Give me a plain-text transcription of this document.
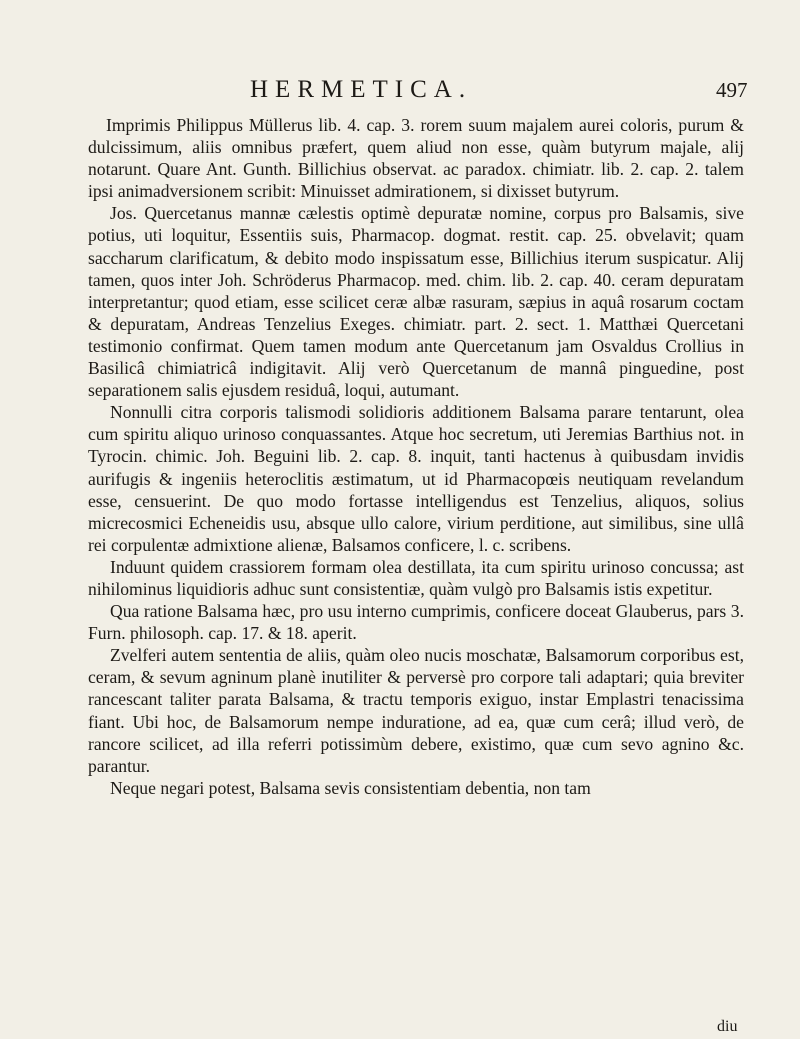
HERMETICA.	497

Imprimis Philippus Müllerus lib. 4. cap. 3. rorem suum majalem aurei coloris, purum & dulcissimum, aliis omnibus præfert, quem aliud non esse, quàm butyrum majale, alij notarunt. Quare Ant. Gunth. Billichius observat. ac paradox. chimiatr. lib. 2. cap. 2. talem ipsi animadversionem scribit: Minuisset admirationem, si dixisset butyrum.

Jos. Quercetanus mannæ cælestis optimè depuratæ nomine, corpus pro Balsamis, sive potius, uti loquitur, Essentiis suis, Pharmacop. dogmat. restit. cap. 25. obvelavit; quam saccharum clarificatum, & debito modo inspissatum esse, Billichius iterum suspicatur. Alij tamen, quos inter Joh. Schröderus Pharmacop. med. chim. lib. 2. cap. 40. ceram depuratam interpretantur; quod etiam, esse scilicet ceræ albæ rasuram, sæpius in aquâ rosarum coctam & depuratam, Andreas Tenzelius Exeges. chimiatr. part. 2. sect. 1. Matthæi Quercetani testimonio confirmat. Quem tamen modum ante Quercetanum jam Osvaldus Crollius in Basilicâ chimiatricâ indigitavit. Alij verò Quercetanum de mannâ pinguedine, post separationem salis ejusdem residuâ, loqui, autumant.

Nonnulli citra corporis talismodi solidioris additionem Balsama parare tentarunt, olea cum spiritu aliquo urinoso conquassantes. Atque hoc secretum, uti Jeremias Barthius not. in Tyrocin. chimic. Joh. Beguini lib. 2. cap. 8. inquit, tanti hactenus à quibusdam invidis aurifugis & ingeniis heteroclitis æstimatum, ut id Pharmacopœis neutiquam revelandum esse, censuerint. De quo modo fortasse intelligendus est Tenzelius, aliquos, solius micrecosmici Echeneidis usu, absque ullo calore, virium perditione, aut similibus, sine ullâ rei corpulentæ admixtione alienæ, Balsamos conficere, l. c. scribens.

Induunt quidem crassiorem formam olea destillata, ita cum spiritu urinoso concussa; ast nihilominus liquidioris adhuc sunt consistentiæ, quàm vulgò pro Balsamis istis expetitur.

Qua ratione Balsama hæc, pro usu interno cumprimis, conficere doceat Glauberus, pars 3. Furn. philosoph. cap. 17. & 18. aperit.

Zvelferi autem sententia de aliis, quàm oleo nucis moschatæ, Balsamorum corporibus est, ceram, & sevum agninum planè inutiliter & perversè pro corpore tali adaptari; quia breviter rancescant taliter parata Balsama, & tractu temporis exiguo, instar Emplastri tenacissima fiant. Ubi hoc, de Balsamorum nempe induratione, ad ea, quæ cum cerâ; illud verò, de rancore scilicet, ad illa referri potissimùm debere, existimo, quæ cum sevo agnino &c. parantur.

Neque negari potest, Balsama sevis consistentiam debentia, non tam

diu
